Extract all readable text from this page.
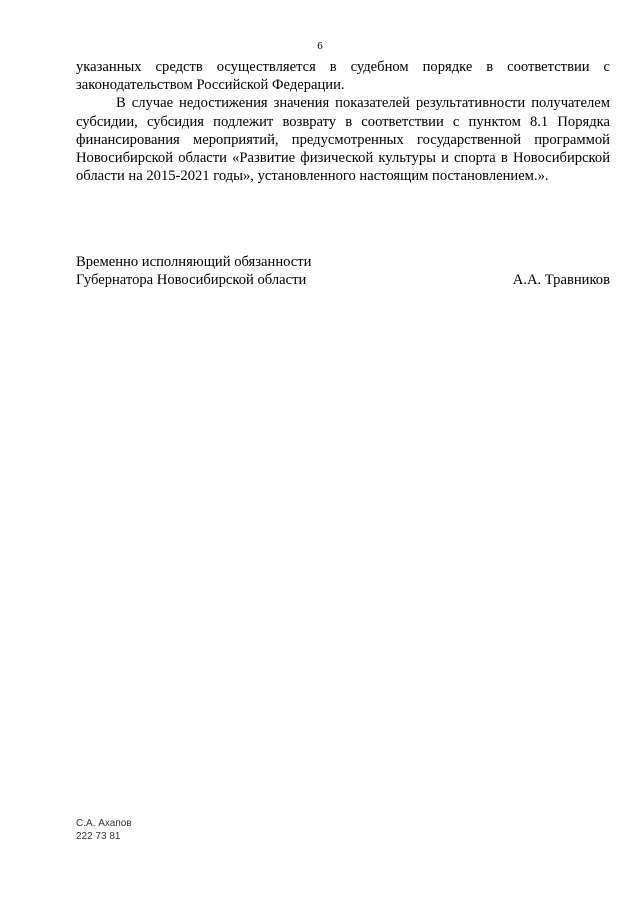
6

указанных средств осуществляется в судебном порядке в соответствии с законодательством Российской Федерации.

В случае недостижения значения показателей результативности получателем субсидии, субсидия подлежит возврату в соответствии с пунктом 8.1 Порядка финансирования мероприятий, предусмотренных государственной программой Новосибирской области «Развитие физической культуры и спорта в Новосибирской области на 2015-2021 годы», установленного настоящим постановлением.».

Временно исполняющий обязанности
Губернатора Новосибирской области	А.А. Травников
С.А. Ахапов
222 73 81
